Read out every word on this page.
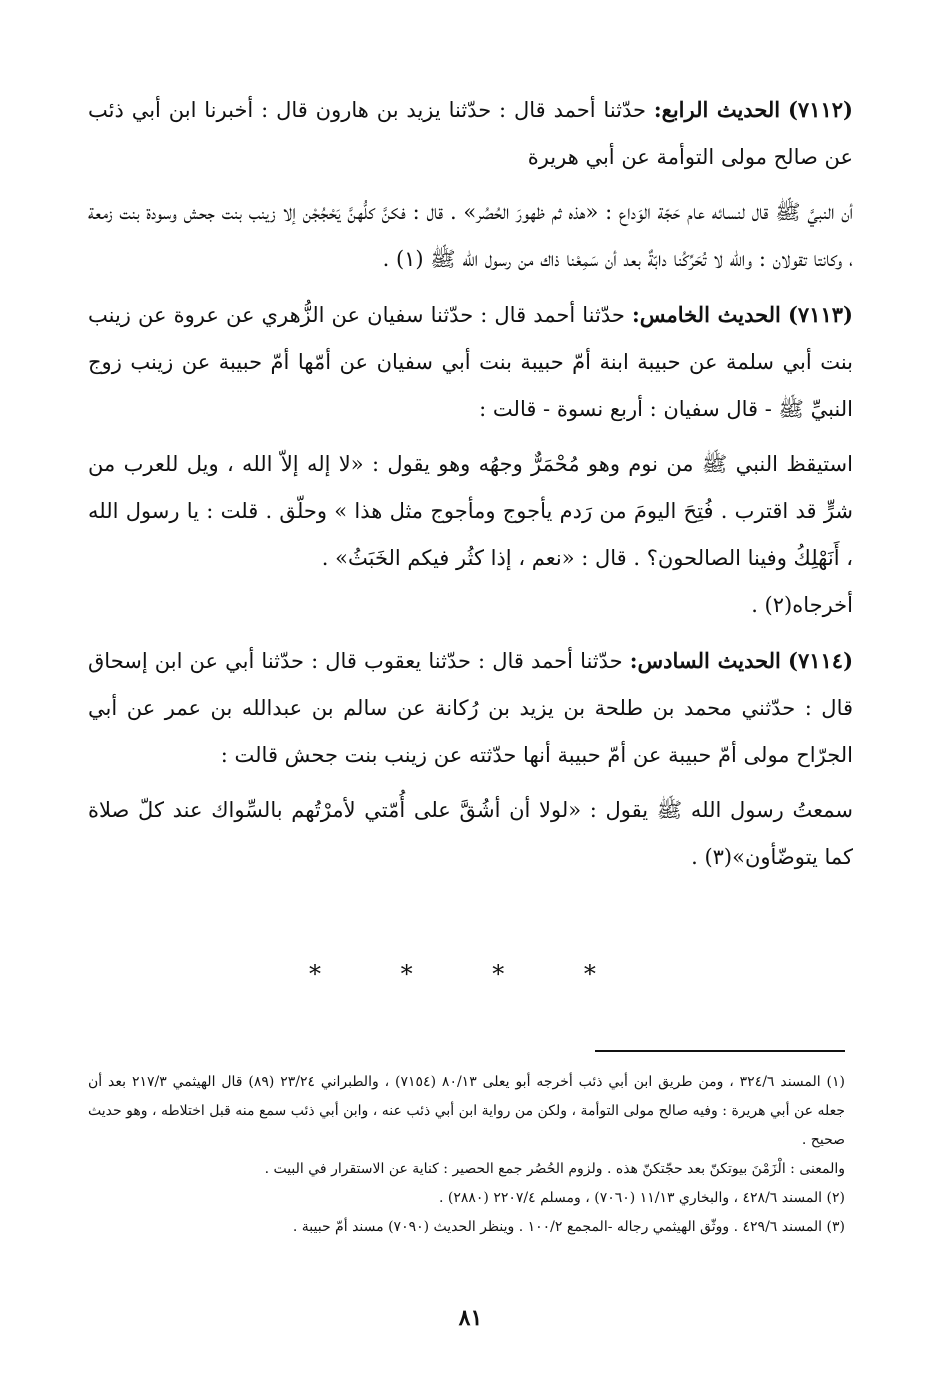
(٧١١٢) الحديث الرابع: حدّثنا أحمد قال : حدّثنا يزيد بن هارون قال : أخبرنا ابن أبي ذئب عن صالح مولى التوأمة عن أبي هريرة

أن النبيَّ ﷺ قال لنسائه عام حَجّة الوَداع : «هذه ثم ظهورَ الحُصُر» . قال : فكنَّ كلُّهنَّ يَحْجُجْن إلا زينب بنت جحش وسودة بنت زمعة ، وكانتا تقولان : والله لا تُحَرِّكُنا دابّةٌ بعد أن سَمِعْنا ذاك من رسول الله ﷺ (١) .

(٧١١٣) الحديث الخامس: حدّثنا أحمد قال : حدّثنا سفيان عن الزُّهري عن عروة عن زينب بنت أبي سلمة عن حبيبة ابنة أمّ حبيبة بنت أبي سفيان عن أمّها أمّ حبيبة عن زينب زوج النبيِّ ﷺ - قال سفيان : أربع نسوة - قالت :

استيقظ النبي ﷺ من نوم وهو مُحْمَرٌّ وجهُه وهو يقول : «لا إله إلاّ الله ، ويل للعرب من شرٍّ قد اقترب . فُتِحَ اليومَ من رَدم يأجوج ومأجوج مثل هذا » وحلّق . قلت : يا رسول الله ، أَنَهْلِكُ وفينا الصالحون؟ . قال : «نعم ، إذا كثُر فيكم الخَبَثُ» .

أخرجاه(٢) .

(٧١١٤) الحديث السادس: حدّثنا أحمد قال : حدّثنا يعقوب قال : حدّثنا أبي عن ابن إسحاق قال : حدّثني محمد بن طلحة بن يزيد بن رُكانة عن سالم بن عبدالله بن عمر عن أبي الجرّاح مولى أمّ حبيبة عن أمّ حبيبة أنها حدّثته عن زينب بنت جحش قالت :

سمعتُ رسول الله ﷺ يقول : «لولا أن أشُقَّ على أُمّتي لأمرْتُهم بالسِّواك عند كلّ صلاة كما يتوضّأون»(٣) .

* * * *

(١) المسند ٣٢٤/٦ ، ومن طريق ابن أبي ذئب أخرجه أبو يعلى ٨٠/١٣ (٧١٥٤) ، والطبراني ٢٣/٢٤ (٨٩) قال الهيثمي ٢١٧/٣ بعد أن جعله عن أبي هريرة : وفيه صالح مولى التوأمة ، ولكن من رواية ابن أبي ذئب عنه ، وابن أبي ذئب سمع منه قبل اختلاطه ، وهو حديث صحيح .

والمعنى : الْزَمْنَ بيوتكنّ بعد حجّتكنّ هذه . ولزوم الحُصُر جمع الحصير : كناية عن الاستقرار في البيت .

(٢) المسند ٤٢٨/٦ ، والبخاري ١١/١٣ (٧٠٦٠) ، ومسلم ٢٢٠٧/٤ (٢٨٨٠) .

(٣) المسند ٤٢٩/٦ . ووثّق الهيثمي رجاله -المجمع ١٠٠/٢ . وينظر الحديث (٧٠٩٠) مسند أمّ حبيبة .

٨١
